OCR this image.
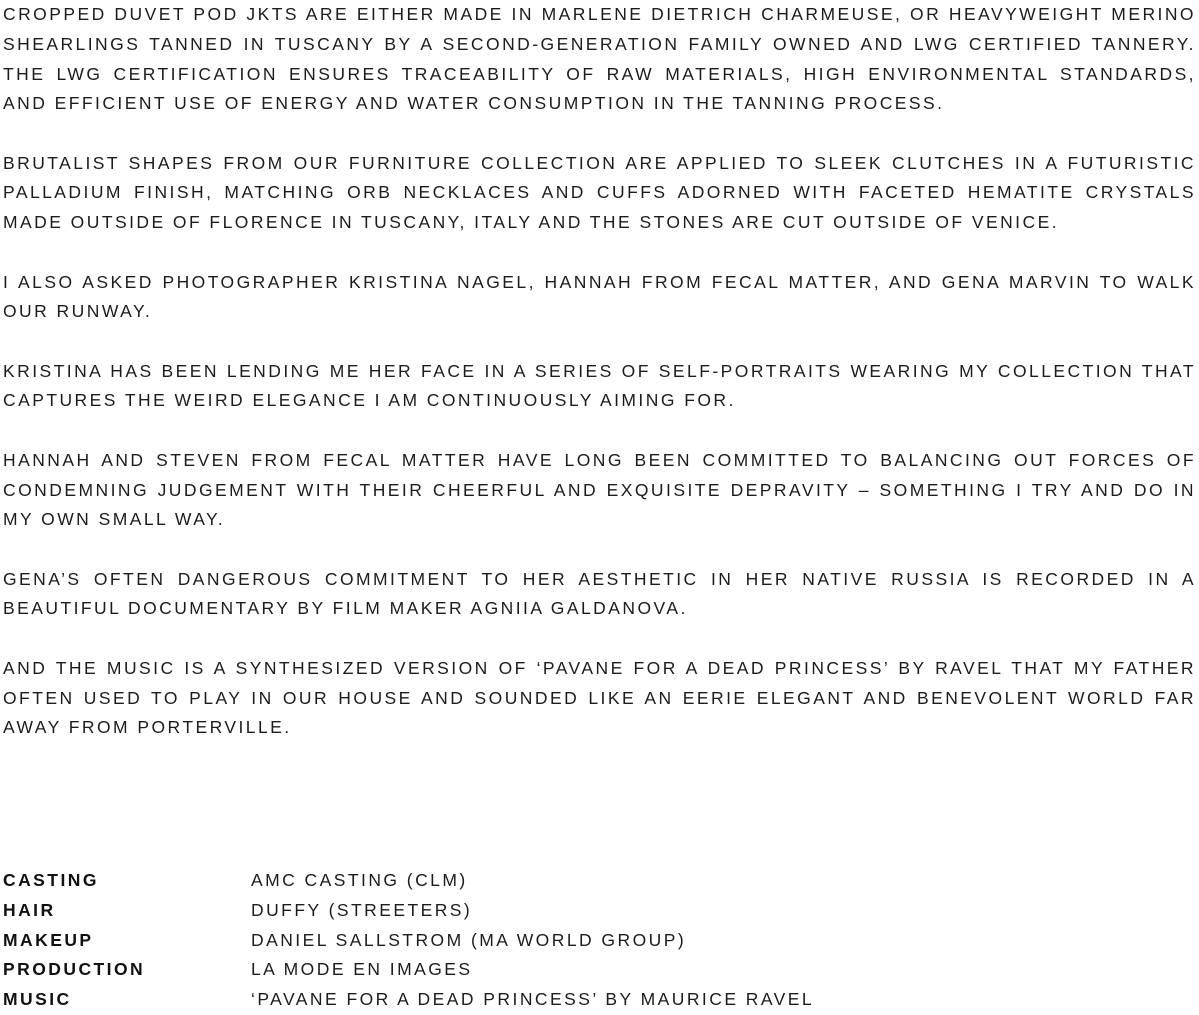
CROPPED DUVET POD JKTS ARE EITHER MADE IN MARLENE DIETRICH CHARMEUSE, OR HEAVYWEIGHT MERINO SHEARLINGS TANNED IN TUSCANY BY A SECOND-GENERATION FAMILY OWNED AND LWG CERTIFIED TANNERY. THE LWG CERTIFICATION ENSURES TRACEABILITY OF RAW MATERIALS, HIGH ENVIRONMENTAL STANDARDS, AND EFFICIENT USE OF ENERGY AND WATER CONSUMPTION IN THE TANNING PROCESS.

BRUTALIST SHAPES FROM OUR FURNITURE COLLECTION ARE APPLIED TO SLEEK CLUTCHES IN A FUTURISTIC PALLADIUM FINISH, MATCHING ORB NECKLACES AND CUFFS ADORNED WITH FACETED HEMATITE CRYSTALS MADE OUTSIDE OF FLORENCE IN TUSCANY, ITALY AND THE STONES ARE CUT OUTSIDE OF VENICE.

I ALSO ASKED PHOTOGRAPHER KRISTINA NAGEL, HANNAH FROM FECAL MATTER, AND GENA MARVIN TO WALK OUR RUNWAY.

KRISTINA HAS BEEN LENDING ME HER FACE IN A SERIES OF SELF-PORTRAITS WEARING MY COLLECTION THAT CAPTURES THE WEIRD ELEGANCE I AM CONTINUOUSLY AIMING FOR.

HANNAH AND STEVEN FROM FECAL MATTER HAVE LONG BEEN COMMITTED TO BALANCING OUT FORCES OF CONDEMNING JUDGEMENT WITH THEIR CHEERFUL AND EXQUISITE DEPRAVITY – SOMETHING I TRY AND DO IN MY OWN SMALL WAY.

GENA’S OFTEN DANGEROUS COMMITMENT TO HER AESTHETIC IN HER NATIVE RUSSIA IS RECORDED IN A BEAUTIFUL DOCUMENTARY BY FILM MAKER AGNIIA GALDANOVA.

AND THE MUSIC IS A SYNTHESIZED VERSION OF ‘PAVANE FOR A DEAD PRINCESS’ BY RAVEL THAT MY FATHER OFTEN USED TO PLAY IN OUR HOUSE AND SOUNDED LIKE AN EERIE ELEGANT AND BENEVOLENT WORLD FAR AWAY FROM PORTERVILLE.

CASTING	AMC CASTING (CLM)
HAIR	DUFFY (STREETERS)
MAKEUP	DANIEL SALLSTROM (MA WORLD GROUP)
PRODUCTION	LA MODE EN IMAGES
MUSIC	‘PAVANE FOR A DEAD PRINCESS’ BY MAURICE RAVEL
